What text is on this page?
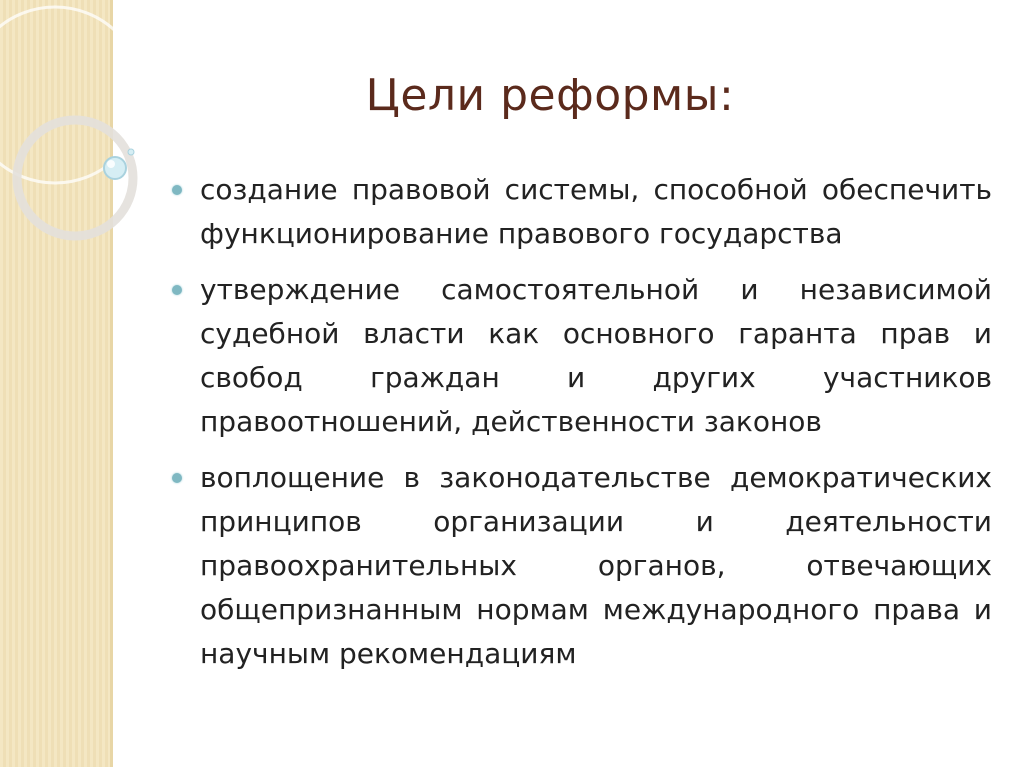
Цели реформы:
создание правовой системы, способной обеспечить функционирование правового государства
утверждение самостоятельной и независимой судебной власти как основного гаранта прав и свобод граждан и других участников правоотношений, действенности законов
воплощение в законодательстве демократических принципов организации и деятельности правоохранительных органов, отвечающих общепризнанным нормам международного права и научным рекомендациям
